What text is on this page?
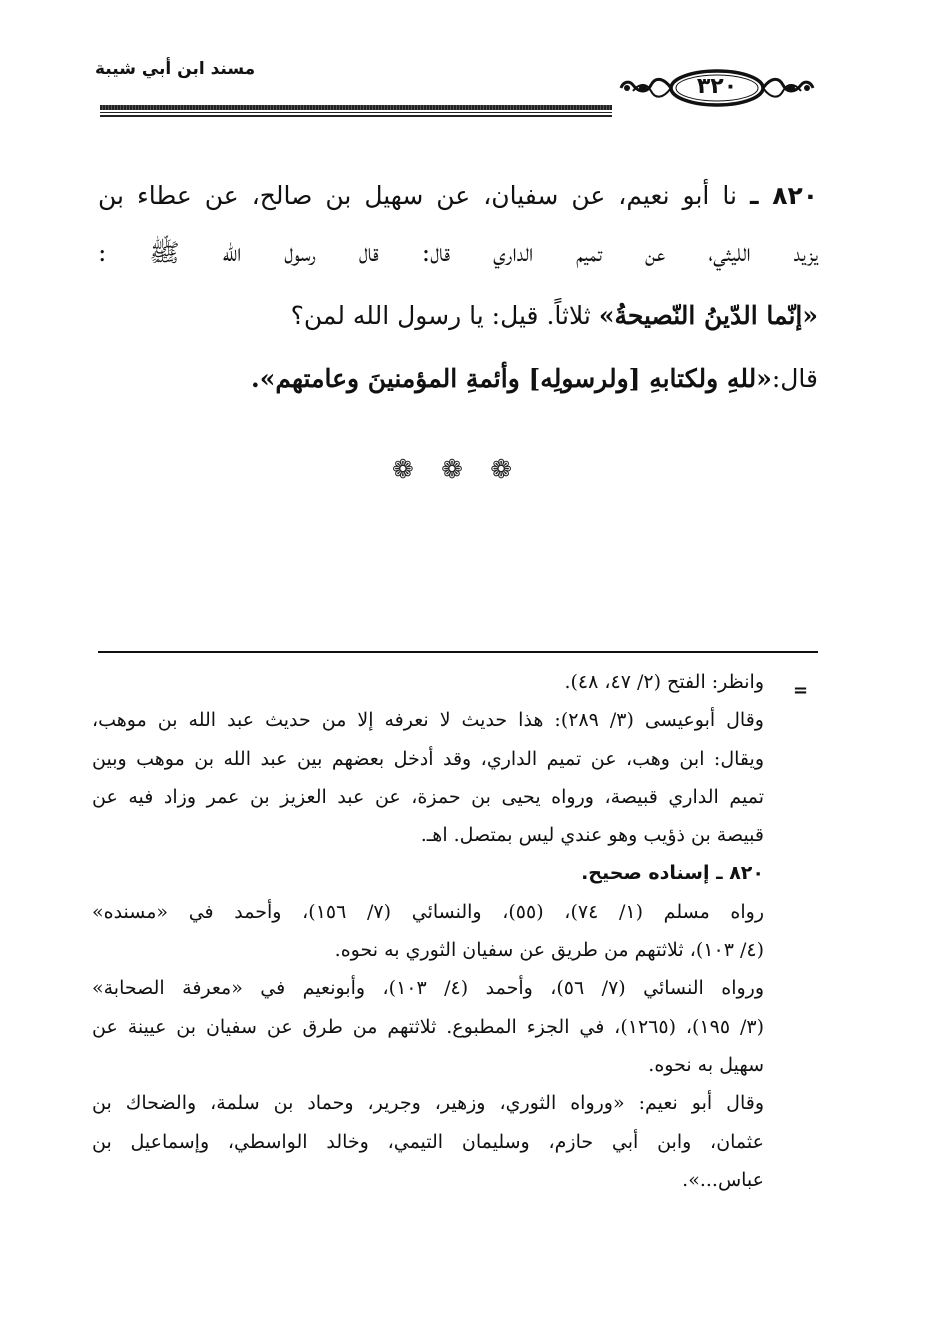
مسند ابن أبي شيبة
٣٢٠
٨٢٠ ـ نا أبو نعيم، عن سفيان، عن سهيل بن صالح، عن عطاء بن
يزيد الليثي، عن تميم الداري قال: قال رسول الله ﷺ :
«إنّما الدّينُ النّصيحةُ» ثلاثاً. قيل: يا رسول الله لمن؟
قال:«للهِ ولكتابهِ [ولرسولِه] وأئمةِ المؤمنينَ وعامتهم».
❁
❁
❁
=
وانظر: الفتح (٢/ ٤٧، ٤٨).
وقال أبوعيسى (٣/ ٢٨٩): هذا حديث لا نعرفه إلا من حديث عبد الله بن موهب،
ويقال: ابن وهب، عن تميم الداري، وقد أدخل بعضهم بين عبد الله بن موهب وبين
تميم الداري قبيصة، ورواه يحيى بن حمزة، عن عبد العزيز بن عمر وزاد فيه عن
قبيصة بن ذؤيب وهو عندي ليس بمتصل. اهـ.
٨٢٠ ـ إسناده صحيح.
رواه مسلم (١/ ٧٤)، (٥٥)، والنسائي (٧/ ١٥٦)، وأحمد في «مسنده»
(٤/ ١٠٣)، ثلاثتهم من طريق عن سفيان الثوري به نحوه.
ورواه النسائي (٧/ ٥٦)، وأحمد (٤/ ١٠٣)، وأبونعيم في «معرفة الصحابة»
(٣/ ١٩٥)، (١٢٦٥)، في الجزء المطبوع. ثلاثتهم من طرق عن سفيان بن عيينة عن
سهيل به نحوه.
وقال أبو نعيم: «ورواه الثوري، وزهير، وجرير، وحماد بن سلمة، والضحاك بن
عثمان، وابن أبي حازم، وسليمان التيمي، وخالد الواسطي، وإسماعيل بن
عباس...».
